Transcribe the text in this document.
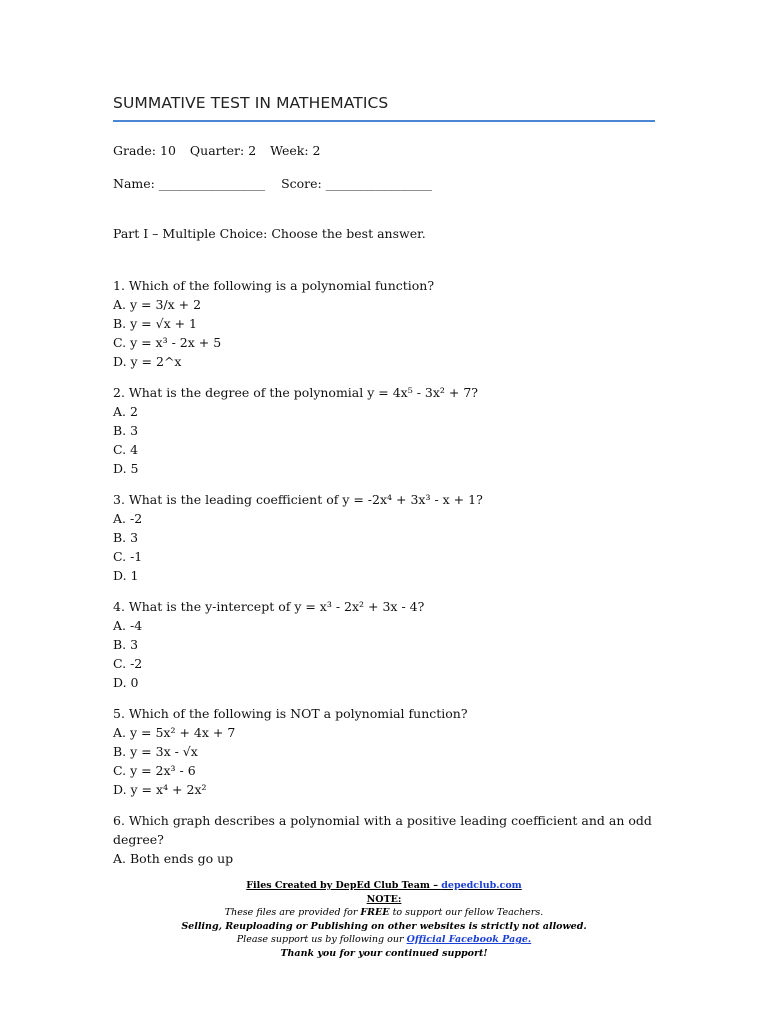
SUMMATIVE TEST IN MATHEMATICS
Grade: 10 Quarter: 2 Week: 2
Name: _________________ Score: _________________
Part I – Multiple Choice: Choose the best answer.
1. Which of the following is a polynomial function?
A. y = 3/x + 2
B. y = √x + 1
C. y = x³ - 2x + 5
D. y = 2^x
2. What is the degree of the polynomial y = 4x⁵ - 3x² + 7?
A. 2
B. 3
C. 4
D. 5
3. What is the leading coefficient of y = -2x⁴ + 3x³ - x + 1?
A. -2
B. 3
C. -1
D. 1
4. What is the y-intercept of y = x³ - 2x² + 3x - 4?
A. -4
B. 3
C. -2
D. 0
5. Which of the following is NOT a polynomial function?
A. y = 5x² + 4x + 7
B. y = 3x - √x
C. y = 2x³ - 6
D. y = x⁴ + 2x²
6. Which graph describes a polynomial with a positive leading coefficient and an odd degree?
A. Both ends go up
Files Created by DepEd Club Team – depedclub.com
NOTE:
These files are provided for FREE to support our fellow Teachers.
Selling, Reuploading or Publishing on other websites is strictly not allowed.
Please support us by following our Official Facebook Page.
Thank you for your continued support!
